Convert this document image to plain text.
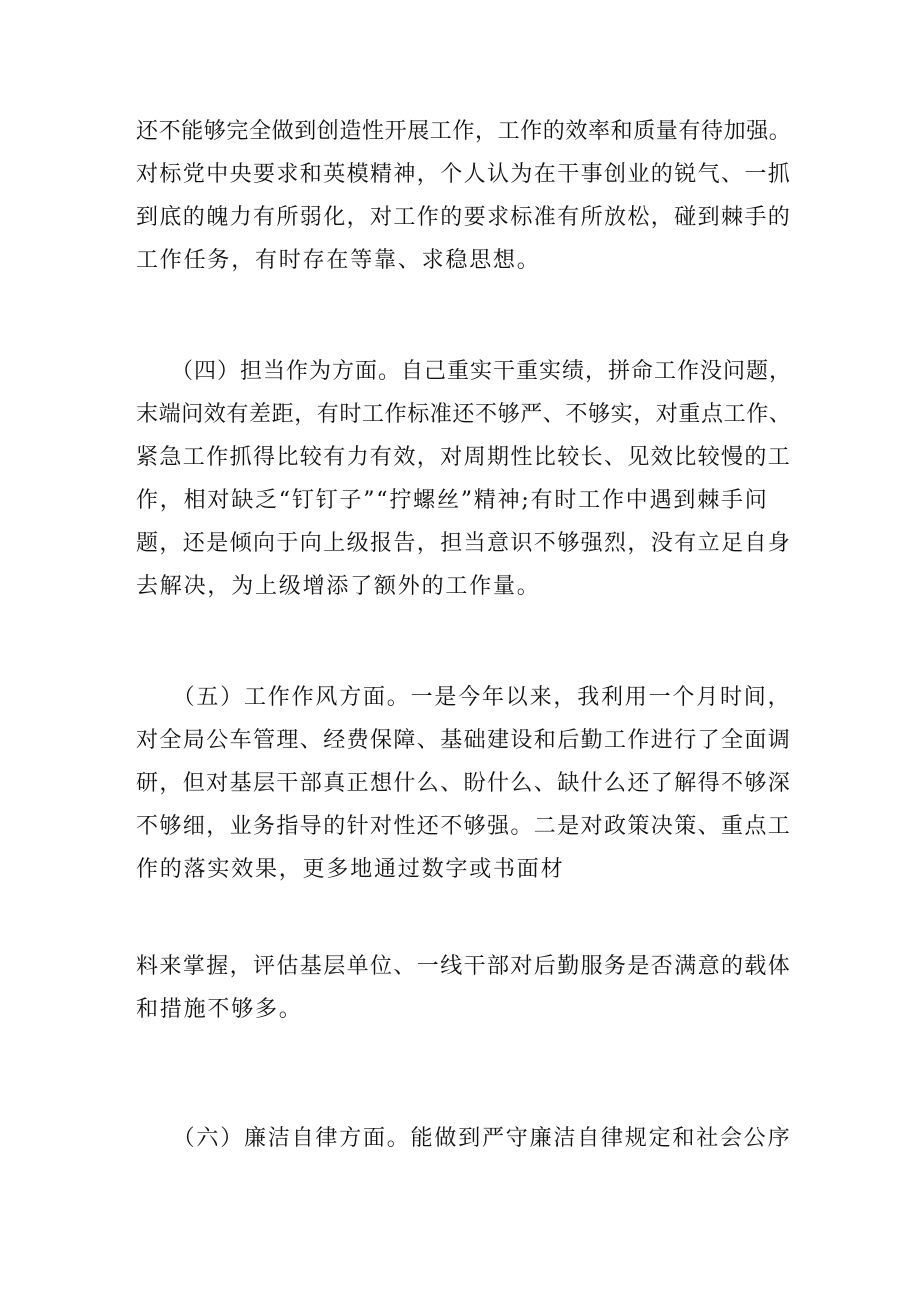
还不能够完全做到创造性开展工作，工作的效率和质量有待加强。
对标党中央要求和英模精神，个人认为在干事创业的锐气、一抓
到底的魄力有所弱化，对工作的要求标准有所放松，碰到棘手的
工作任务，有时存在等靠、求稳思想。

　　（四）担当作为方面。自己重实干重实绩，拼命工作没问题，
末端问效有差距，有时工作标准还不够严、不够实，对重点工作、
紧急工作抓得比较有力有效，对周期性比较长、见效比较慢的工
作，相对缺乏“钉钉子”“拧螺丝”精神;有时工作中遇到棘手问
题，还是倾向于向上级报告，担当意识不够强烈，没有立足自身
去解决，为上级增添了额外的工作量。

　　（五）工作作风方面。一是今年以来，我利用一个月时间，
对全局公车管理、经费保障、基础建设和后勤工作进行了全面调
研，但对基层干部真正想什么、盼什么、缺什么还了解得不够深
不够细，业务指导的针对性还不够强。二是对政策决策、重点工
作的落实效果，更多地通过数字或书面材

料来掌握，评估基层单位、一线干部对后勤服务是否满意的载体
和措施不够多。

　　（六）廉洁自律方面。能做到严守廉洁自律规定和社会公序
